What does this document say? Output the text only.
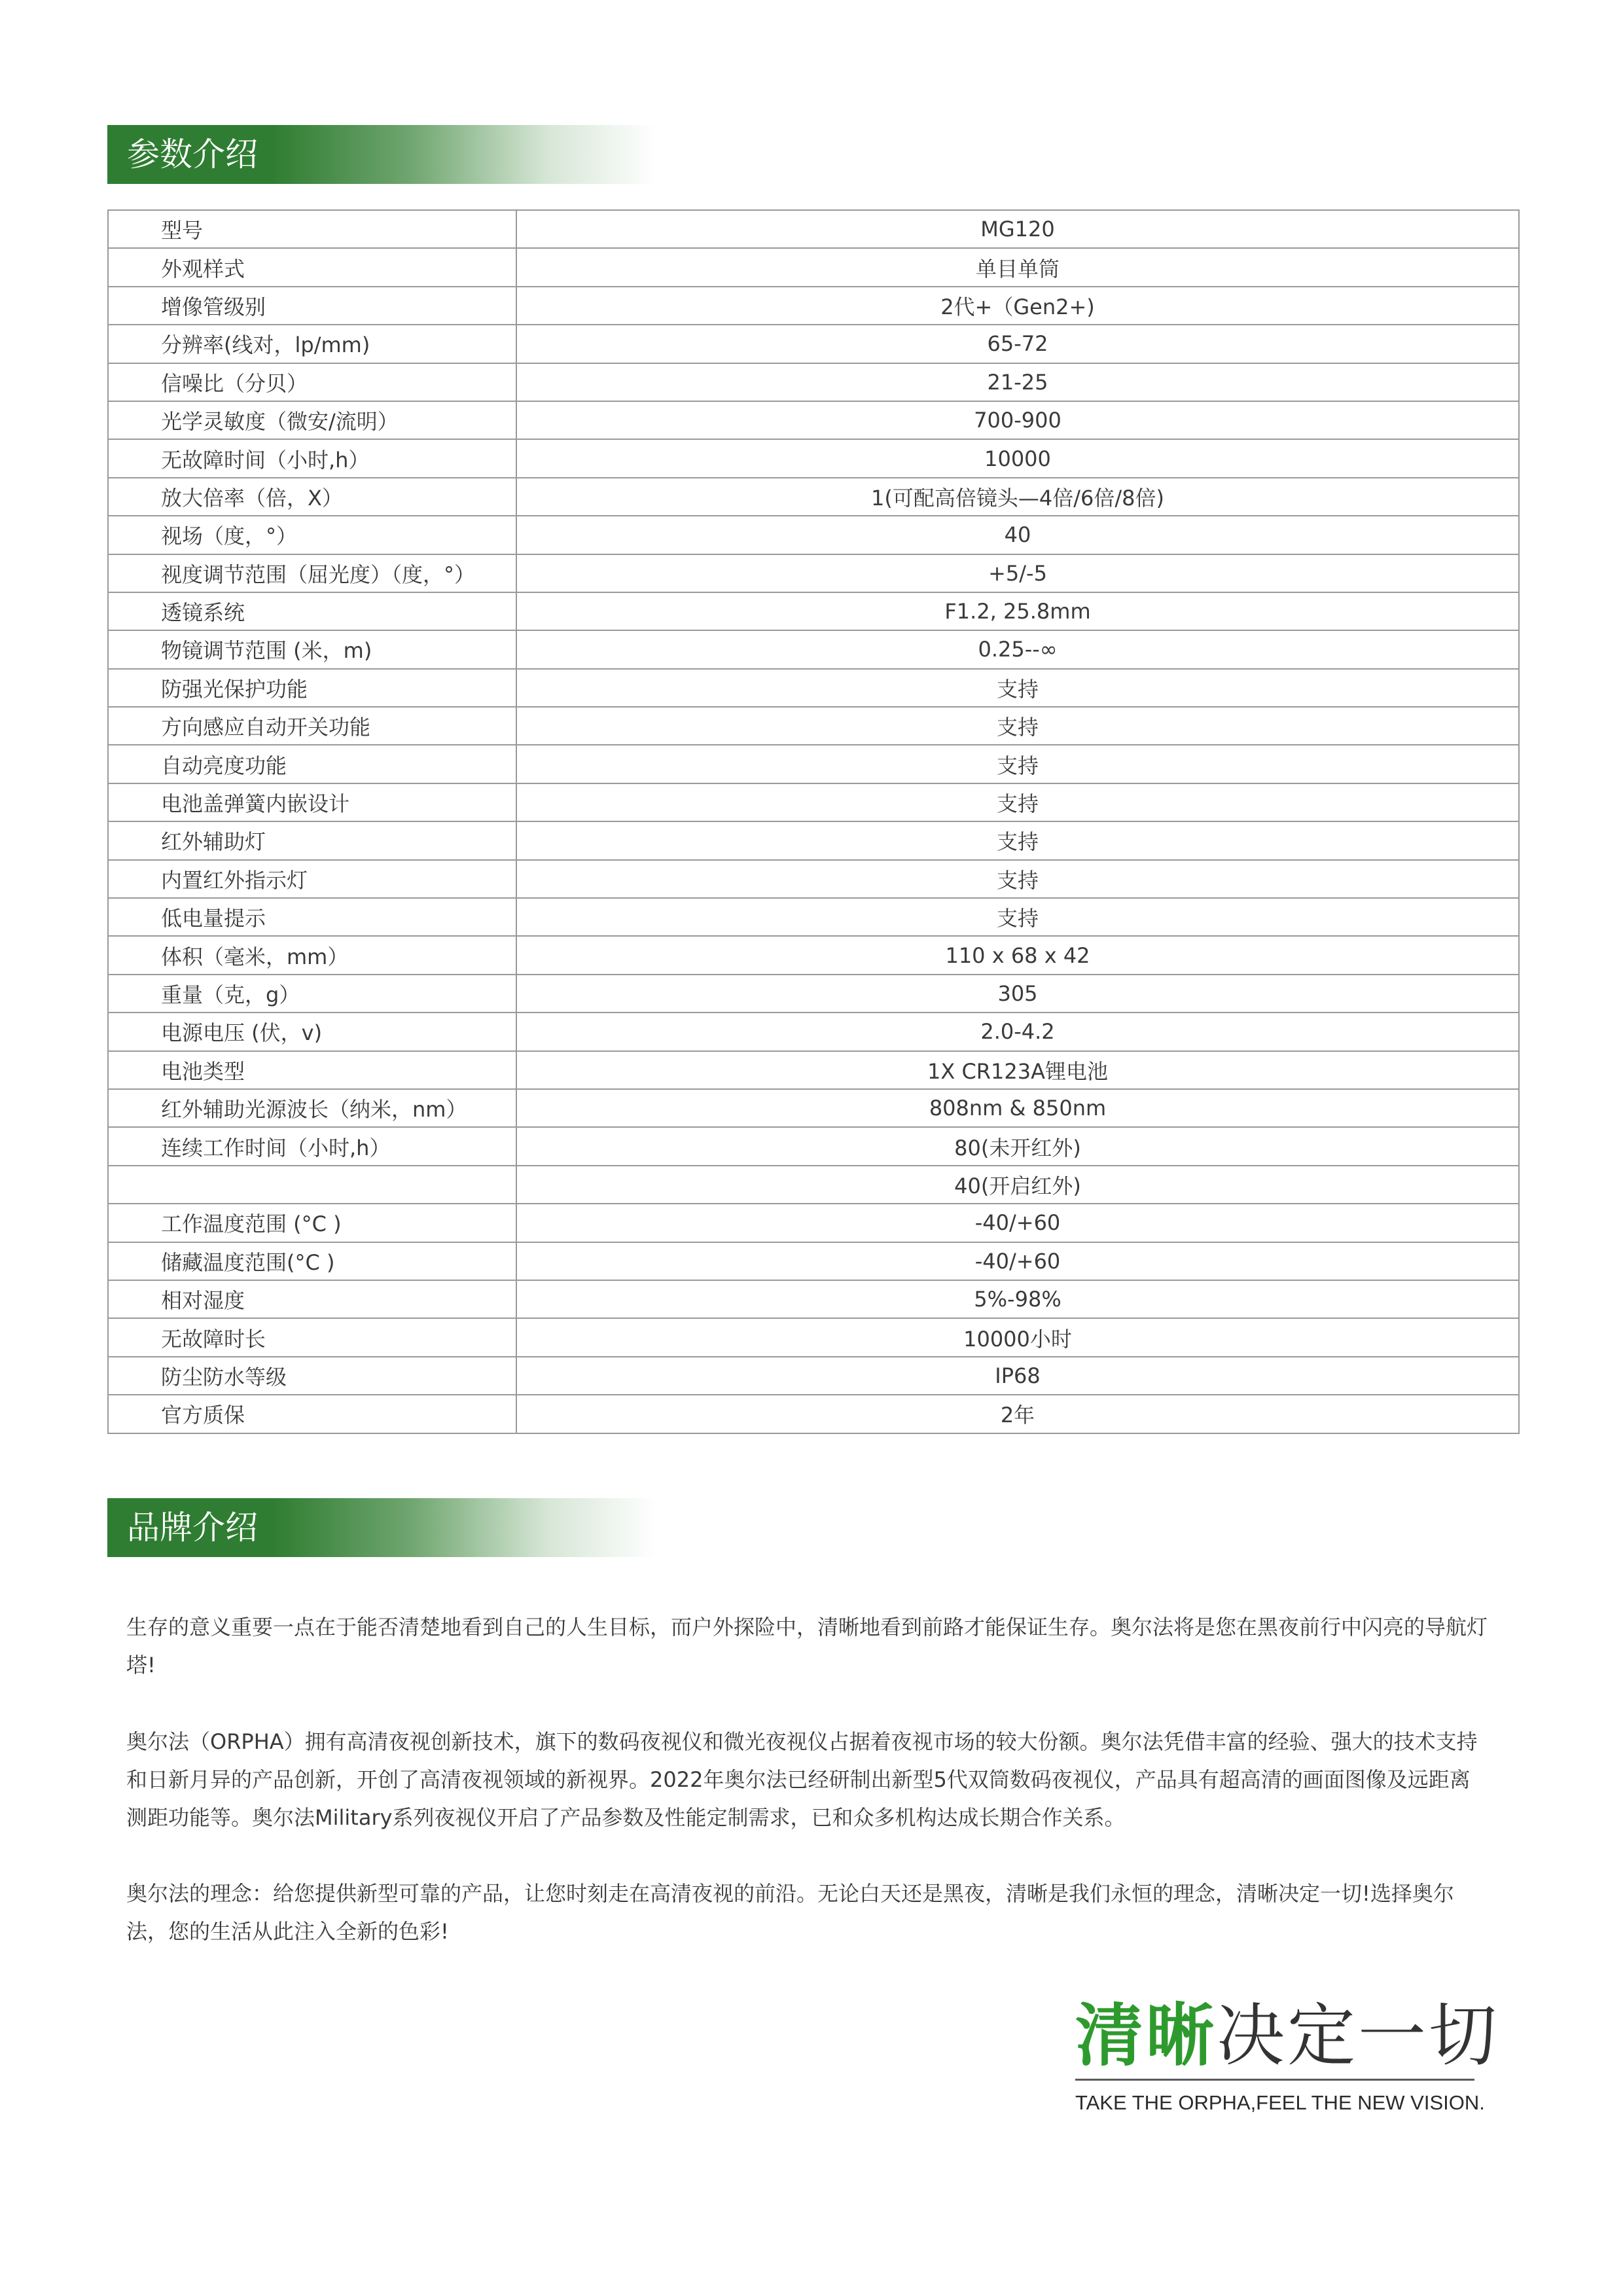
参数介绍
型号	MG120
外观样式	单目单筒
增像管级别	2代+（Gen2+)
分辨率(线对，lp/mm)	65-72
信噪比（分贝）	21-25
光学灵敏度（微安/流明）	700-900
无故障时间（小时,h）	10000
放大倍率（倍，X）	1(可配高倍镜头—4倍/6倍/8倍)
视场（度，°）	40
视度调节范围（屈光度）（度，°）	+5/-5
透镜系统	F1.2, 25.8mm
物镜调节范围 (米，m)	0.25--∞
防强光保护功能	支持
方向感应自动开关功能	支持
自动亮度功能	支持
电池盖弹簧内嵌设计	支持
红外辅助灯	支持
内置红外指示灯	支持
低电量提示	支持
体积（毫米，mm）	110 x 68 x 42
重量（克，g）	305
电源电压 (伏，v)	2.0-4.2
电池类型	1X CR123A锂电池
红外辅助光源波长（纳米，nm）	808nm & 850nm
连续工作时间（小时,h）	80(未开红外)
	40(开启红外)
工作温度范围 (°C )	-40/+60
储藏温度范围(°C )	-40/+60
相对湿度	5%-98%
无故障时长	10000小时
防尘防水等级	IP68
官方质保	2年
品牌介绍

生存的意义重要一点在于能否清楚地看到自己的人生目标，而户外探险中，清晰地看到前路才能保证生存。奥尔法将是您在黑夜前行中闪亮的导航灯塔!

奥尔法（ORPHA）拥有高清夜视创新技术，旗下的数码夜视仪和微光夜视仪占据着夜视市场的较大份额。奥尔法凭借丰富的经验、强大的技术支持和日新月异的产品创新，开创了高清夜视领域的新视界。2022年奥尔法已经研制出新型5代双筒数码夜视仪，产品具有超高清的画面图像及远距离测距功能等。奥尔法Military系列夜视仪开启了产品参数及性能定制需求，已和众多机构达成长期合作关系。

奥尔法的理念：给您提供新型可靠的产品，让您时刻走在高清夜视的前沿。无论白天还是黑夜，清晰是我们永恒的理念，清晰决定一切!选择奥尔法，您的生活从此注入全新的色彩!

清晰决定一切
TAKE THE ORPHA,FEEL THE NEW VISION.
